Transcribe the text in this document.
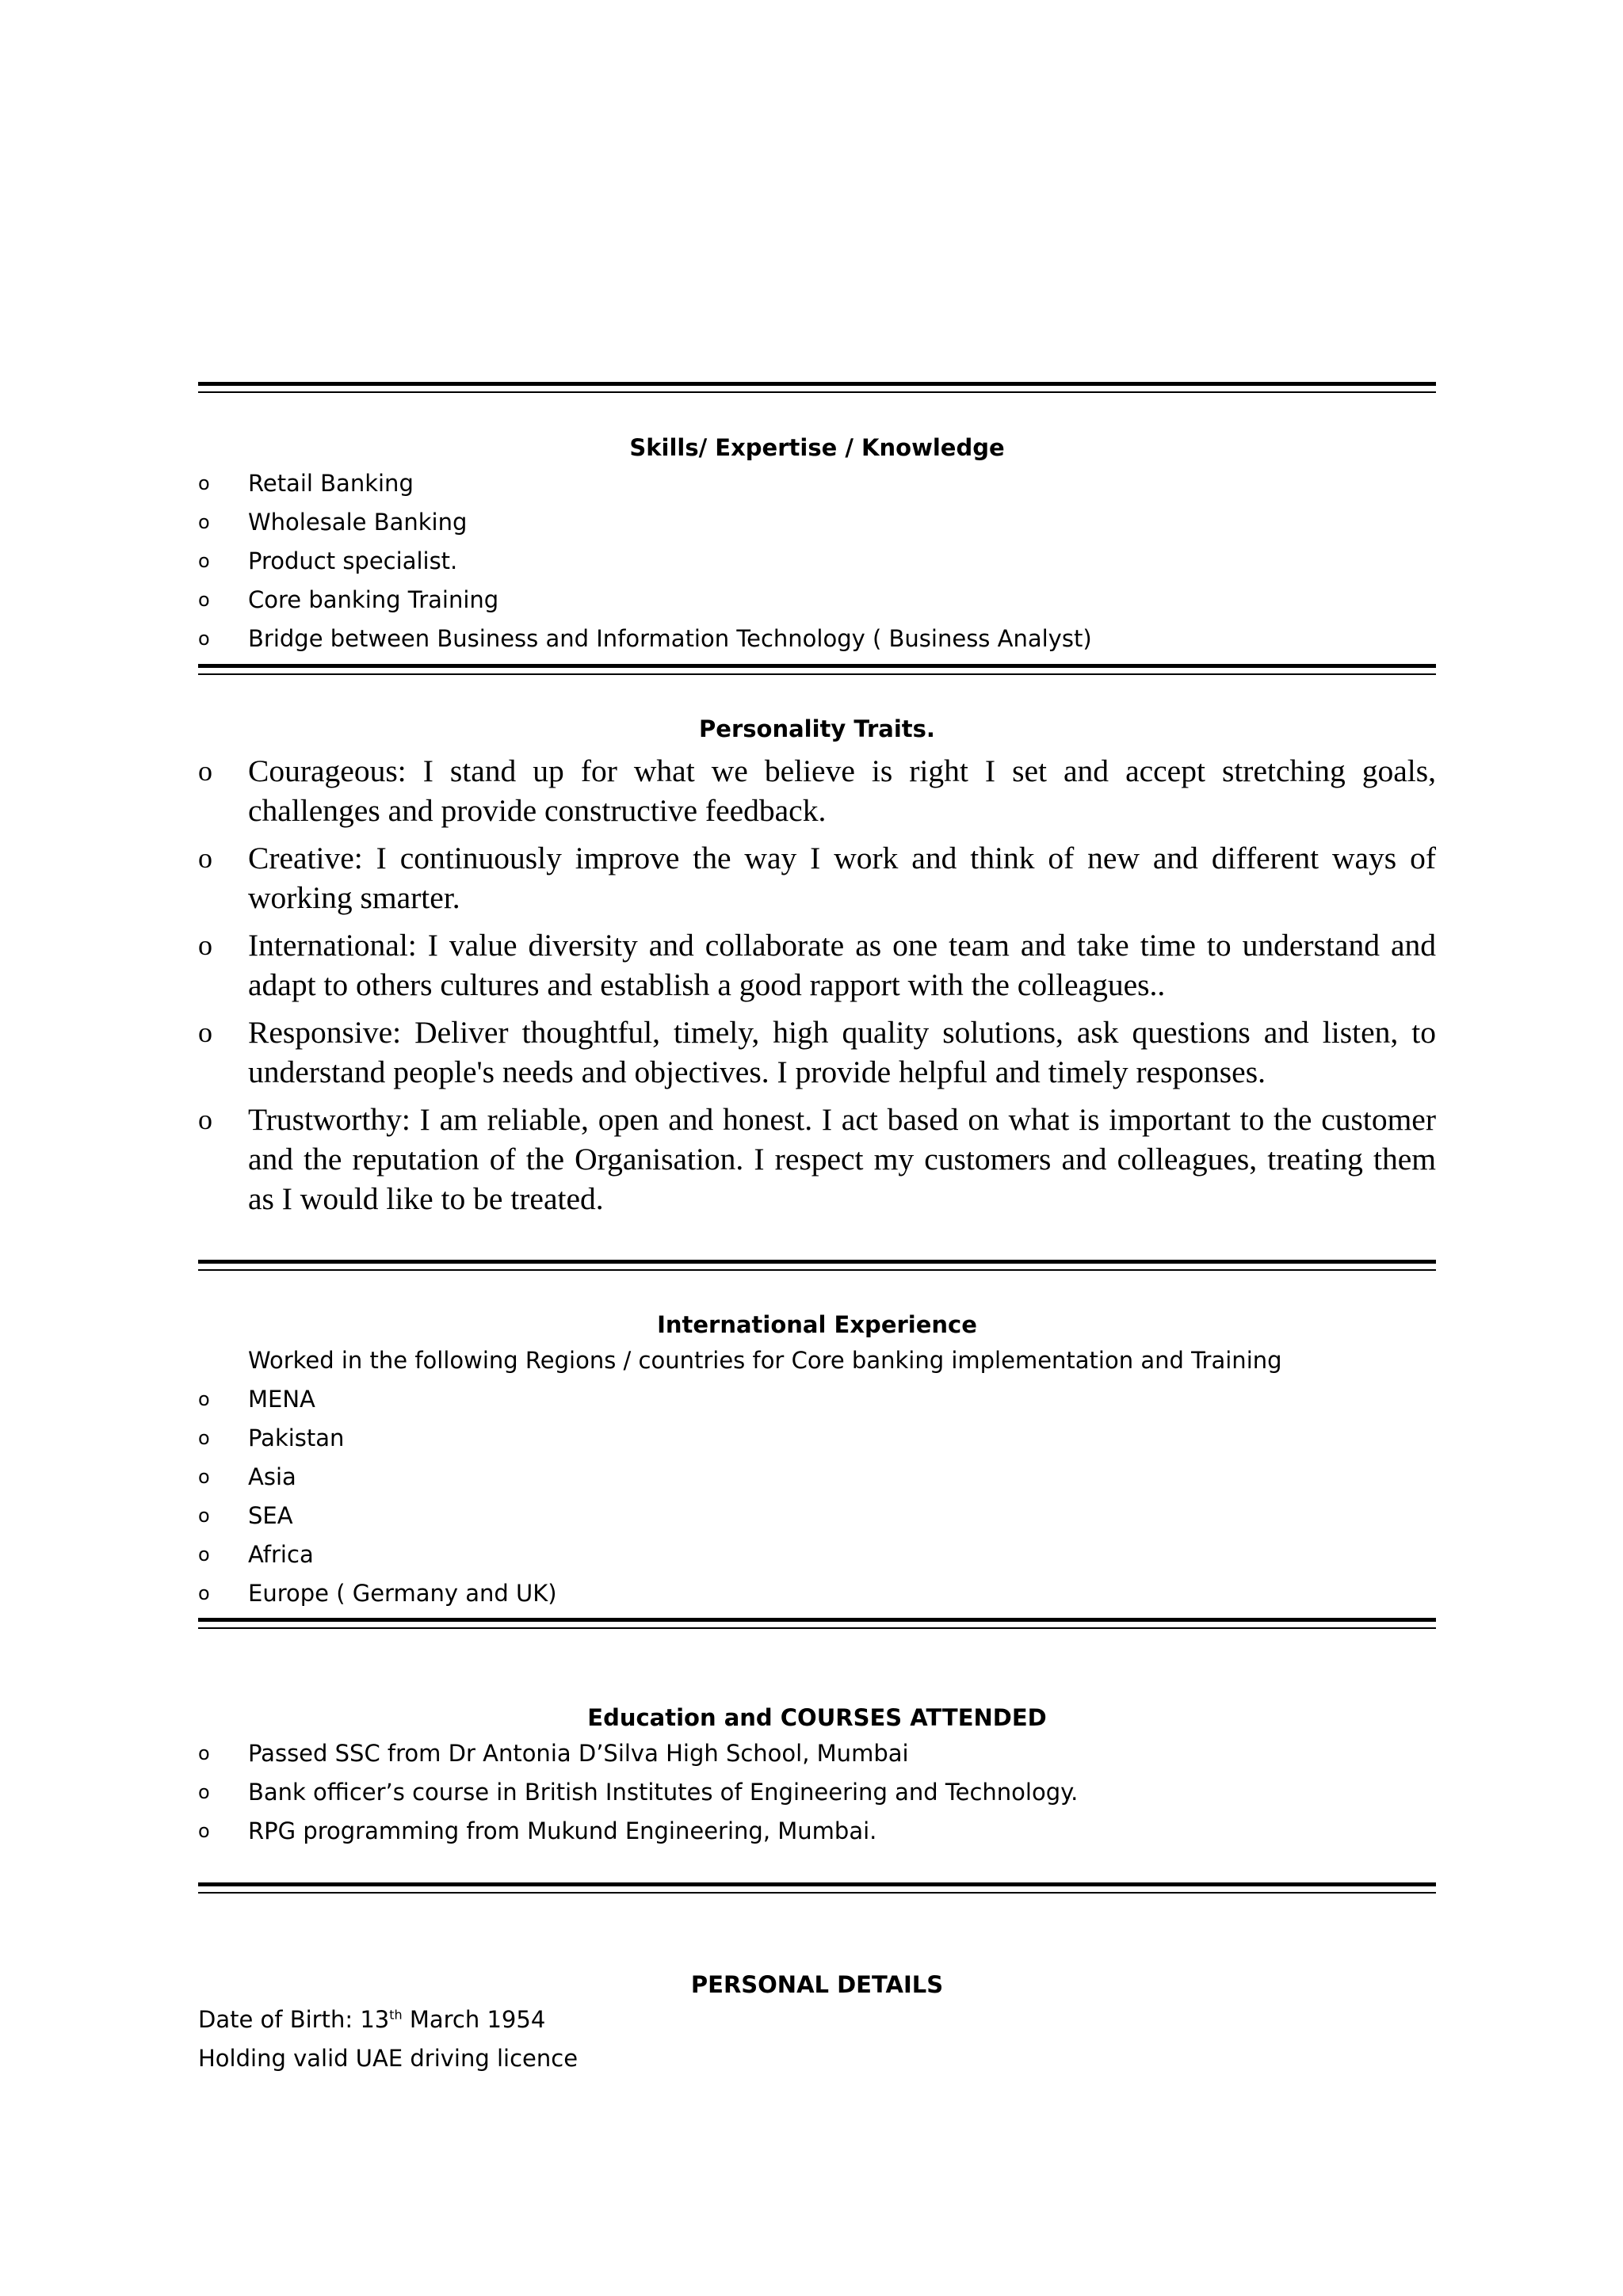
Skills/ Expertise / Knowledge
o Retail Banking
o Wholesale Banking
o Product specialist.
o Core banking Training
o Bridge between Business and Information Technology ( Business Analyst)
Personality Traits.
o Courageous: I stand up for what we believe is right I set and accept stretching goals, challenges and provide constructive feedback.
o Creative: I continuously improve the way I work and think of new and different ways of working smarter.
o International: I value diversity and collaborate as one team and take time to understand and adapt to others cultures and establish a good rapport with the colleagues..
o Responsive: Deliver thoughtful, timely, high quality solutions, ask questions and listen, to understand people's needs and objectives. I provide helpful and timely responses.
o Trustworthy: I am reliable, open and honest. I act based on what is important to the customer and the reputation of the Organisation. I respect my customers and colleagues, treating them as I would like to be treated.
International Experience
Worked in the following Regions / countries for Core banking implementation and Training
o MENA
o Pakistan
o Asia
o SEA
o Africa
o Europe ( Germany and UK)
Education and COURSES ATTENDED
o Passed SSC from Dr Antonia D’Silva High School, Mumbai
o Bank officer’s course in British Institutes of Engineering and Technology.
o RPG programming from Mukund Engineering, Mumbai.
PERSONAL DETAILS
Date of Birth: 13th March 1954
Holding valid UAE driving licence
